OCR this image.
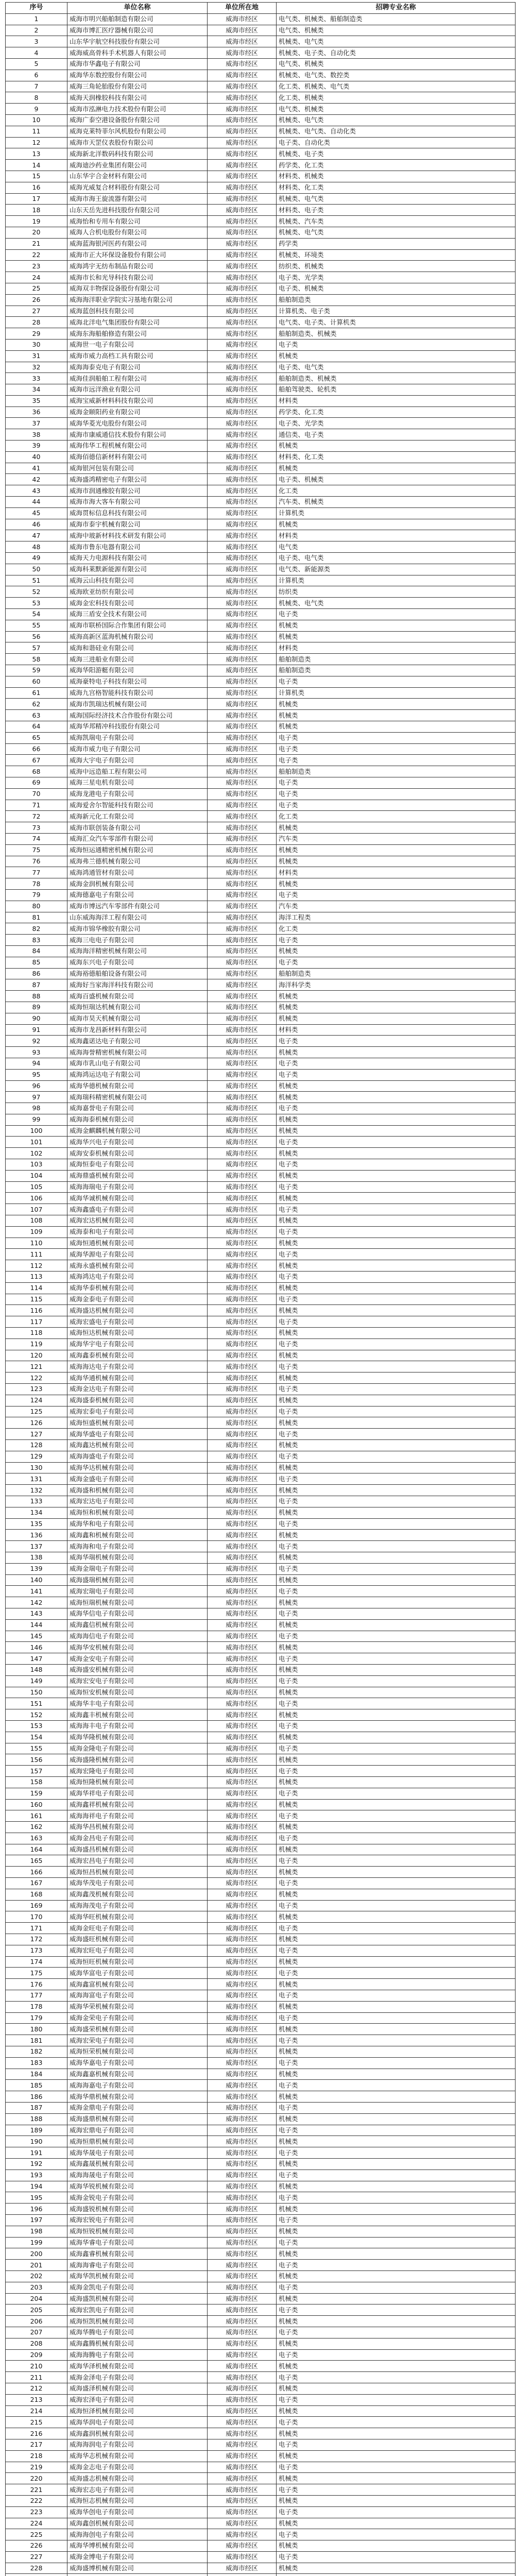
序号	单位名称	单位所在地	招聘专业名称
1	威海市明兴船舶制造有限公司	威海市经区	电气类、机械类、船舶制造类
2	威海市博汇医疗器械有限公司	威海市经区	电气类、机械类
3	山东华宇航空科技股份有限公司	威海市经区	机械类、电气类
4	威海威高骨科手术机器人有限公司	威海市经区	机械类、电子类、自动化类
5	威海市华鑫电子有限公司	威海市经区	电气类、机械类
6	威海华东数控股份有限公司	威海市经区	机械类、电气类、数控类
7	威海三角轮胎股份有限公司	威海市经区	化工类、机械类、电气类
8	威海天润橡胶科技有限公司	威海市经区	化工类、机械类
9	威海市泓淋电力技术股份有限公司	威海市经区	电气类、机械类
10	威海广泰空港设备股份有限公司	威海市经区	机械类、电气类
11	威海克莱特菲尔风机股份有限公司	威海市经区	机械类、电气类、自动化类
12	威海市天罡仪表股份有限公司	威海市经区	电子类、自动化类
13	威海新北洋数码科技有限公司	威海市经区	机械类、电子类
14	威海迪沙药业集团有限公司	威海市经区	药学类、化工类
15	山东华宇合金材料有限公司	威海市经区	材料类、机械类
16	威海光威复合材料股份有限公司	威海市经区	材料类、化工类
17	威海市海王旋流器有限公司	威海市经区	机械类、电气类
18	山东天岳先进科技股份有限公司	威海市经区	材料类、电子类
19	威海怡和专用车有限公司	威海市经区	机械类、汽车类
20	威海人合机电股份有限公司	威海市经区	机械类、电气类
21	威海蓝海银河医药有限公司	威海市经区	药学类
22	威海市正大环保设备股份有限公司	威海市经区	机械类、环境类
23	威海鸿宇无纺布制品有限公司	威海市经区	纺织类、机械类
24	威海市长和光导科技有限公司	威海市经区	电子类、光学类
25	威海双丰物探设备股份有限公司	威海市经区	电子类、机械类
26	威海海洋职业学院实习基地有限公司	威海市经区	船舶制造类
27	威海蓝创科技有限公司	威海市经区	计算机类、电子类
28	威海北洋电气集团股份有限公司	威海市经区	电气类、电子类、计算机类
29	威海东海船舶修造有限公司	威海市经区	船舶制造类、机械类
30	威海世一电子有限公司	威海市经区	电子类
31	威海市威力高档工具有限公司	威海市经区	机械类
32	威海海泰克电子有限公司	威海市经区	电子类、电气类
33	威海佳润船舶工程有限公司	威海市经区	船舶制造类、机械类
34	威海市远洋渔业有限公司	威海市经区	船舶驾驶类、轮机类
35	威海宝威新材料科技有限公司	威海市经区	材料类
36	威海金颐阳药业有限公司	威海市经区	药学类、化工类
37	威海华菱光电股份有限公司	威海市经区	电子类、光学类
38	威海市康威通信技术股份有限公司	威海市经区	通信类、电子类
39	威海伟华工程机械有限公司	威海市经区	机械类
40	威海佰德信新材料有限公司	威海市经区	材料类、化工类
41	威海银河包装有限公司	威海市经区	机械类
42	威海盛鸿精密电子有限公司	威海市经区	电子类、机械类
43	威海市润通橡胶有限公司	威海市经区	化工类
44	威海市海大客车有限公司	威海市经区	汽车类、机械类
45	威海贯标信息科技有限公司	威海市经区	计算机类
46	威海市泰宇机械有限公司	威海市经区	机械类
47	威海中玻新材料技术研发有限公司	威海市经区	材料类
48	威海市鲁东电器有限公司	威海市经区	电气类
49	威海天力电源科技有限公司	威海市经区	电子类、电气类
50	威海科莱默新能源有限公司	威海市经区	电气类、新能源类
51	威海云山科技有限公司	威海市经区	计算机类
52	威海欧亚纺织有限公司	威海市经区	纺织类
53	威海金宏科技有限公司	威海市经区	机械类、电气类
54	威海三盾安全技术有限公司	威海市经区	电子类
55	威海市联桥国际合作集团有限公司	威海市经区	机械类
56	威海高新区蓝海机械有限公司	威海市经区	机械类
57	威海和谐硅业有限公司	威海市经区	材料类
58	威海三进船业有限公司	威海市经区	船舶制造类
59	威海华阳游艇有限公司	威海市经区	船舶制造类
60	威海豪特电子科技有限公司	威海市经区	电子类
61	威海九宫格智能科技有限公司	威海市经区	计算机类
62	威海市凯瑞达机械有限公司	威海市经区	机械类
63	威海国际经济技术合作股份有限公司	威海市经区	机械类
64	威海华邦精冲科技股份有限公司	威海市经区	机械类
65	威海凯瑞电子有限公司	威海市经区	电子类
66	威海市威力电子有限公司	威海市经区	电子类
67	威海大宇电子有限公司	威海市经区	电子类
68	威海中远造船工程有限公司	威海市经区	船舶制造类
69	威海三星电机有限公司	威海市经区	电子类
70	威海龙港电子有限公司	威海市经区	电子类
71	威海爱舍尔智能科技有限公司	威海市经区	电子类
72	威海新元化工有限公司	威海市经区	化工类
73	威海市联创装备有限公司	威海市经区	机械类
74	威海汇众汽车零部件有限公司	威海市经区	汽车类
75	威海恒运通精密机械有限公司	威海市经区	机械类
76	威海弗兰德机械有限公司	威海市经区	机械类
77	威海鸿通管材有限公司	威海市经区	材料类
78	威海金润机械有限公司	威海市经区	机械类
79	威海德嘉电子有限公司	威海市经区	电子类
80	威海市博远汽车零部件有限公司	威海市经区	汽车类
81	山东威海海洋工程有限公司	威海市经区	海洋工程类
82	威海市锦华橡胶有限公司	威海市经区	化工类
83	威海三电电子有限公司	威海市经区	电子类
84	威海海洋精密机械有限公司	威海市经区	机械类
85	威海东兴电子有限公司	威海市经区	电子类
86	威海裕德船舶设备有限公司	威海市经区	船舶制造类
87	威海好当家海洋科技有限公司	威海市经区	海洋科学类
88	威海百盛机械有限公司	威海市经区	机械类
89	威海恒瑞达机械有限公司	威海市经区	机械类
90	威海市昊天机械有限公司	威海市经区	机械类
91	威海市龙昌新材料有限公司	威海市经区	材料类
92	威海鑫诺达电子有限公司	威海市经区	电子类
93	威海海誉精密机械有限公司	威海市经区	机械类
94	威海市乳山电子有限公司	威海市经区	电子类
95	威海鸿运达电子有限公司	威海市经区	电子类
96	威海华德机械有限公司	威海市经区	机械类
97	威海瑞科精密机械有限公司	威海市经区	机械类
98	威海嘉誉电子有限公司	威海市经区	电子类
99	威海海泰机械有限公司	威海市经区	机械类
100	威海金麒麟机械有限公司	威海市经区	机械类
101	威海华兴电子有限公司	威海市经区	电子类
102	威海安泰机械有限公司	威海市经区	机械类
103	威海恒泰电子有限公司	威海市经区	电子类
104	威海鼎盛机械有限公司	威海市经区	机械类
105	威海海瑞电子有限公司	威海市经区	电子类
106	威海华诚机械有限公司	威海市经区	机械类
107	威海鑫盛电子有限公司	威海市经区	电子类
108	威海宏达机械有限公司	威海市经区	机械类
109	威海泰和电子有限公司	威海市经区	电子类
110	威海恒通机械有限公司	威海市经区	机械类
111	威海华源电子有限公司	威海市经区	电子类
112	威海永盛机械有限公司	威海市经区	机械类
113	威海鸿达电子有限公司	威海市经区	电子类
114	威海华泰机械有限公司	威海市经区	机械类
115	威海金泰电子有限公司	威海市经区	电子类
116	威海盛达机械有限公司	威海市经区	机械类
117	威海宏盛电子有限公司	威海市经区	电子类
118	威海恒达机械有限公司	威海市经区	机械类
119	威海华宇电子有限公司	威海市经区	电子类
120	威海鑫泰机械有限公司	威海市经区	机械类
121	威海海达电子有限公司	威海市经区	电子类
122	威海华通机械有限公司	威海市经区	机械类
123	威海金达电子有限公司	威海市经区	电子类
124	威海盛泰机械有限公司	威海市经区	机械类
125	威海宏泰电子有限公司	威海市经区	电子类
126	威海恒盛机械有限公司	威海市经区	机械类
127	威海华盛电子有限公司	威海市经区	电子类
128	威海鑫达机械有限公司	威海市经区	机械类
129	威海海盛电子有限公司	威海市经区	电子类
130	威海华达机械有限公司	威海市经区	机械类
131	威海金盛电子有限公司	威海市经区	电子类
132	威海盛和机械有限公司	威海市经区	机械类
133	威海宏达电子有限公司	威海市经区	电子类
134	威海恒和机械有限公司	威海市经区	机械类
135	威海华和电子有限公司	威海市经区	电子类
136	威海鑫和机械有限公司	威海市经区	机械类
137	威海海和电子有限公司	威海市经区	电子类
138	威海华瑞机械有限公司	威海市经区	机械类
139	威海金瑞电子有限公司	威海市经区	电子类
140	威海盛瑞机械有限公司	威海市经区	机械类
141	威海宏瑞电子有限公司	威海市经区	电子类
142	威海恒瑞机械有限公司	威海市经区	机械类
143	威海华信电子有限公司	威海市经区	电子类
144	威海鑫信机械有限公司	威海市经区	机械类
145	威海海信电子有限公司	威海市经区	电子类
146	威海华安机械有限公司	威海市经区	机械类
147	威海金安电子有限公司	威海市经区	电子类
148	威海盛安机械有限公司	威海市经区	机械类
149	威海宏安电子有限公司	威海市经区	电子类
150	威海恒安机械有限公司	威海市经区	机械类
151	威海华丰电子有限公司	威海市经区	电子类
152	威海鑫丰机械有限公司	威海市经区	机械类
153	威海海丰电子有限公司	威海市经区	电子类
154	威海华隆机械有限公司	威海市经区	机械类
155	威海金隆电子有限公司	威海市经区	电子类
156	威海盛隆机械有限公司	威海市经区	机械类
157	威海宏隆电子有限公司	威海市经区	电子类
158	威海恒隆机械有限公司	威海市经区	机械类
159	威海华祥电子有限公司	威海市经区	电子类
160	威海鑫祥机械有限公司	威海市经区	机械类
161	威海海祥电子有限公司	威海市经区	电子类
162	威海华昌机械有限公司	威海市经区	机械类
163	威海金昌电子有限公司	威海市经区	电子类
164	威海盛昌机械有限公司	威海市经区	机械类
165	威海宏昌电子有限公司	威海市经区	电子类
166	威海恒昌机械有限公司	威海市经区	机械类
167	威海华茂电子有限公司	威海市经区	电子类
168	威海鑫茂机械有限公司	威海市经区	机械类
169	威海海茂电子有限公司	威海市经区	电子类
170	威海华旺机械有限公司	威海市经区	机械类
171	威海金旺电子有限公司	威海市经区	电子类
172	威海盛旺机械有限公司	威海市经区	机械类
173	威海宏旺电子有限公司	威海市经区	电子类
174	威海恒旺机械有限公司	威海市经区	机械类
175	威海华富电子有限公司	威海市经区	电子类
176	威海鑫富机械有限公司	威海市经区	机械类
177	威海海富电子有限公司	威海市经区	电子类
178	威海华荣机械有限公司	威海市经区	机械类
179	威海金荣电子有限公司	威海市经区	电子类
180	威海盛荣机械有限公司	威海市经区	机械类
181	威海宏荣电子有限公司	威海市经区	电子类
182	威海恒荣机械有限公司	威海市经区	机械类
183	威海华嘉电子有限公司	威海市经区	电子类
184	威海鑫嘉机械有限公司	威海市经区	机械类
185	威海海嘉电子有限公司	威海市经区	电子类
186	威海华鼎机械有限公司	威海市经区	机械类
187	威海金鼎电子有限公司	威海市经区	电子类
188	威海盛鼎机械有限公司	威海市经区	机械类
189	威海宏鼎电子有限公司	威海市经区	电子类
190	威海恒鼎机械有限公司	威海市经区	机械类
191	威海华晟电子有限公司	威海市经区	电子类
192	威海鑫晟机械有限公司	威海市经区	机械类
193	威海海晟电子有限公司	威海市经区	电子类
194	威海华锐机械有限公司	威海市经区	机械类
195	威海金锐电子有限公司	威海市经区	电子类
196	威海盛锐机械有限公司	威海市经区	机械类
197	威海宏锐电子有限公司	威海市经区	电子类
198	威海恒锐机械有限公司	威海市经区	机械类
199	威海华睿电子有限公司	威海市经区	电子类
200	威海鑫睿机械有限公司	威海市经区	机械类
201	威海海睿电子有限公司	威海市经区	电子类
202	威海华凯机械有限公司	威海市经区	机械类
203	威海金凯电子有限公司	威海市经区	电子类
204	威海盛凯机械有限公司	威海市经区	机械类
205	威海宏凯电子有限公司	威海市经区	电子类
206	威海恒凯机械有限公司	威海市经区	机械类
207	威海华腾电子有限公司	威海市经区	电子类
208	威海鑫腾机械有限公司	威海市经区	机械类
209	威海海腾电子有限公司	威海市经区	电子类
210	威海华泽机械有限公司	威海市经区	机械类
211	威海金泽电子有限公司	威海市经区	电子类
212	威海盛泽机械有限公司	威海市经区	机械类
213	威海宏泽电子有限公司	威海市经区	电子类
214	威海恒泽机械有限公司	威海市经区	机械类
215	威海华润电子有限公司	威海市经区	电子类
216	威海鑫润机械有限公司	威海市经区	机械类
217	威海海润电子有限公司	威海市经区	电子类
218	威海华志机械有限公司	威海市经区	机械类
219	威海金志电子有限公司	威海市经区	电子类
220	威海盛志机械有限公司	威海市经区	机械类
221	威海宏志电子有限公司	威海市经区	电子类
222	威海恒志机械有限公司	威海市经区	机械类
223	威海华创电子有限公司	威海市经区	电子类
224	威海鑫创机械有限公司	威海市经区	机械类
225	威海海创电子有限公司	威海市经区	电子类
226	威海华博机械有限公司	威海市经区	机械类
227	威海金博电子有限公司	威海市经区	电子类
228	威海盛博机械有限公司	威海市经区	机械类
